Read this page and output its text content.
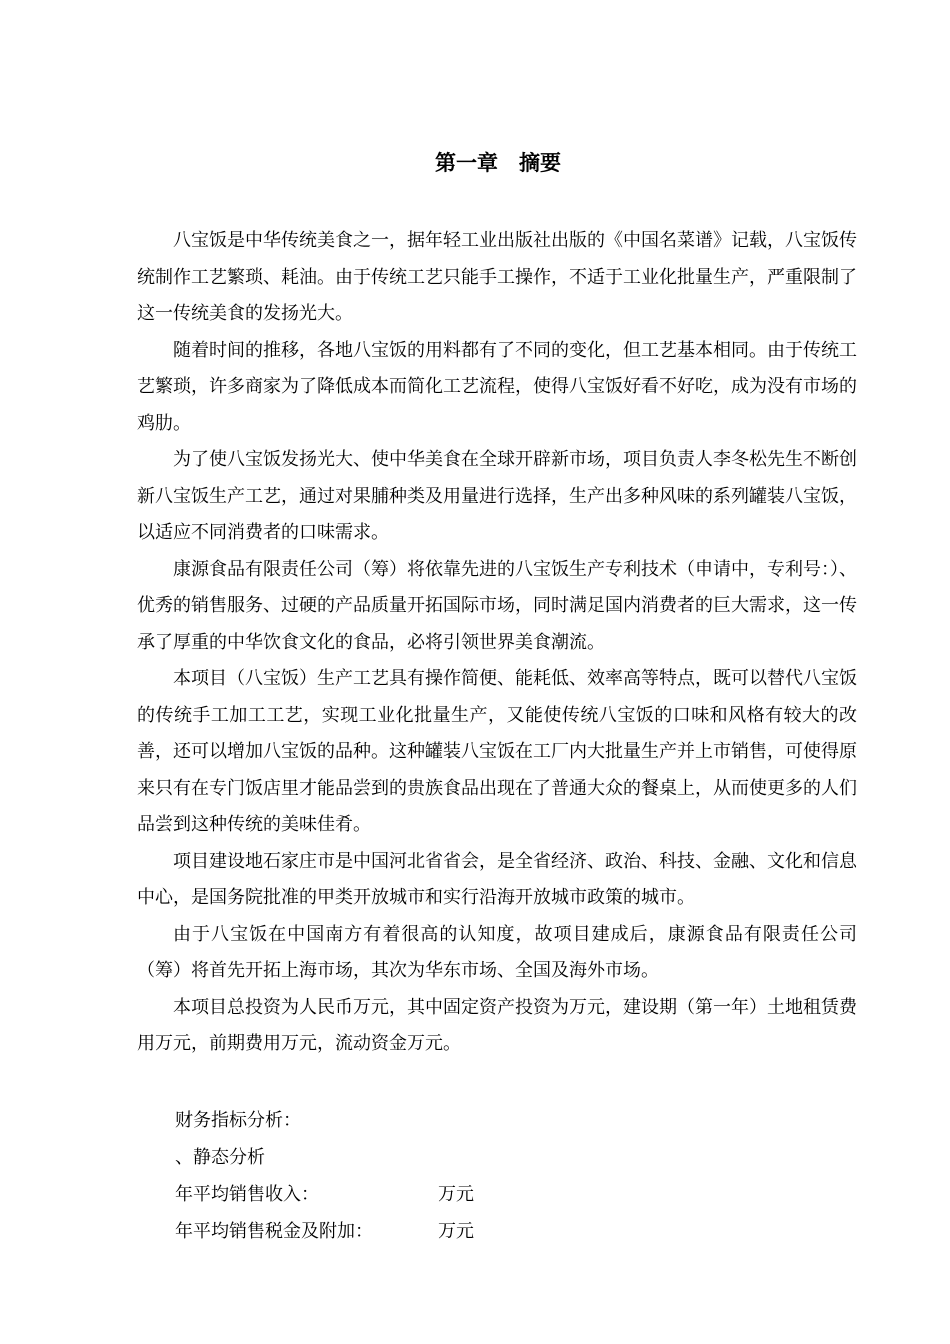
第一章　摘要

八宝饭是中华传统美食之一，据年轻工业出版社出版的《中国名菜谱》记载，八宝饭传统制作工艺繁琐、耗油。由于传统工艺只能手工操作，不适于工业化批量生产，严重限制了这一传统美食的发扬光大。

随着时间的推移，各地八宝饭的用料都有了不同的变化，但工艺基本相同。由于传统工艺繁琐，许多商家为了降低成本而简化工艺流程，使得八宝饭好看不好吃，成为没有市场的鸡肋。

为了使八宝饭发扬光大、使中华美食在全球开辟新市场，项目负责人李冬松先生不断创新八宝饭生产工艺，通过对果脯种类及用量进行选择，生产出多种风味的系列罐装八宝饭，以适应不同消费者的口味需求。

康源食品有限责任公司（筹）将依靠先进的八宝饭生产专利技术（申请中，专利号：）、优秀的销售服务、过硬的产品质量开拓国际市场，同时满足国内消费者的巨大需求，这一传承了厚重的中华饮食文化的食品，必将引领世界美食潮流。

本项目（八宝饭）生产工艺具有操作简便、能耗低、效率高等特点，既可以替代八宝饭的传统手工加工工艺，实现工业化批量生产，又能使传统八宝饭的口味和风格有较大的改善，还可以增加八宝饭的品种。这种罐装八宝饭在工厂内大批量生产并上市销售，可使得原来只有在专门饭店里才能品尝到的贵族食品出现在了普通大众的餐桌上，从而使更多的人们品尝到这种传统的美味佳肴。

项目建设地石家庄市是中国河北省省会，是全省经济、政治、科技、金融、文化和信息中心，是国务院批准的甲类开放城市和实行沿海开放城市政策的城市。

由于八宝饭在中国南方有着很高的认知度，故项目建成后，康源食品有限责任公司（筹）将首先开拓上海市场，其次为华东市场、全国及海外市场。

本项目总投资为人民币万元，其中固定资产投资为万元，建设期（第一年）土地租赁费用万元，前期费用万元，流动资金万元。

财务指标分析：
、静态分析
年平均销售收入：	万元
年平均销售税金及附加：	万元
